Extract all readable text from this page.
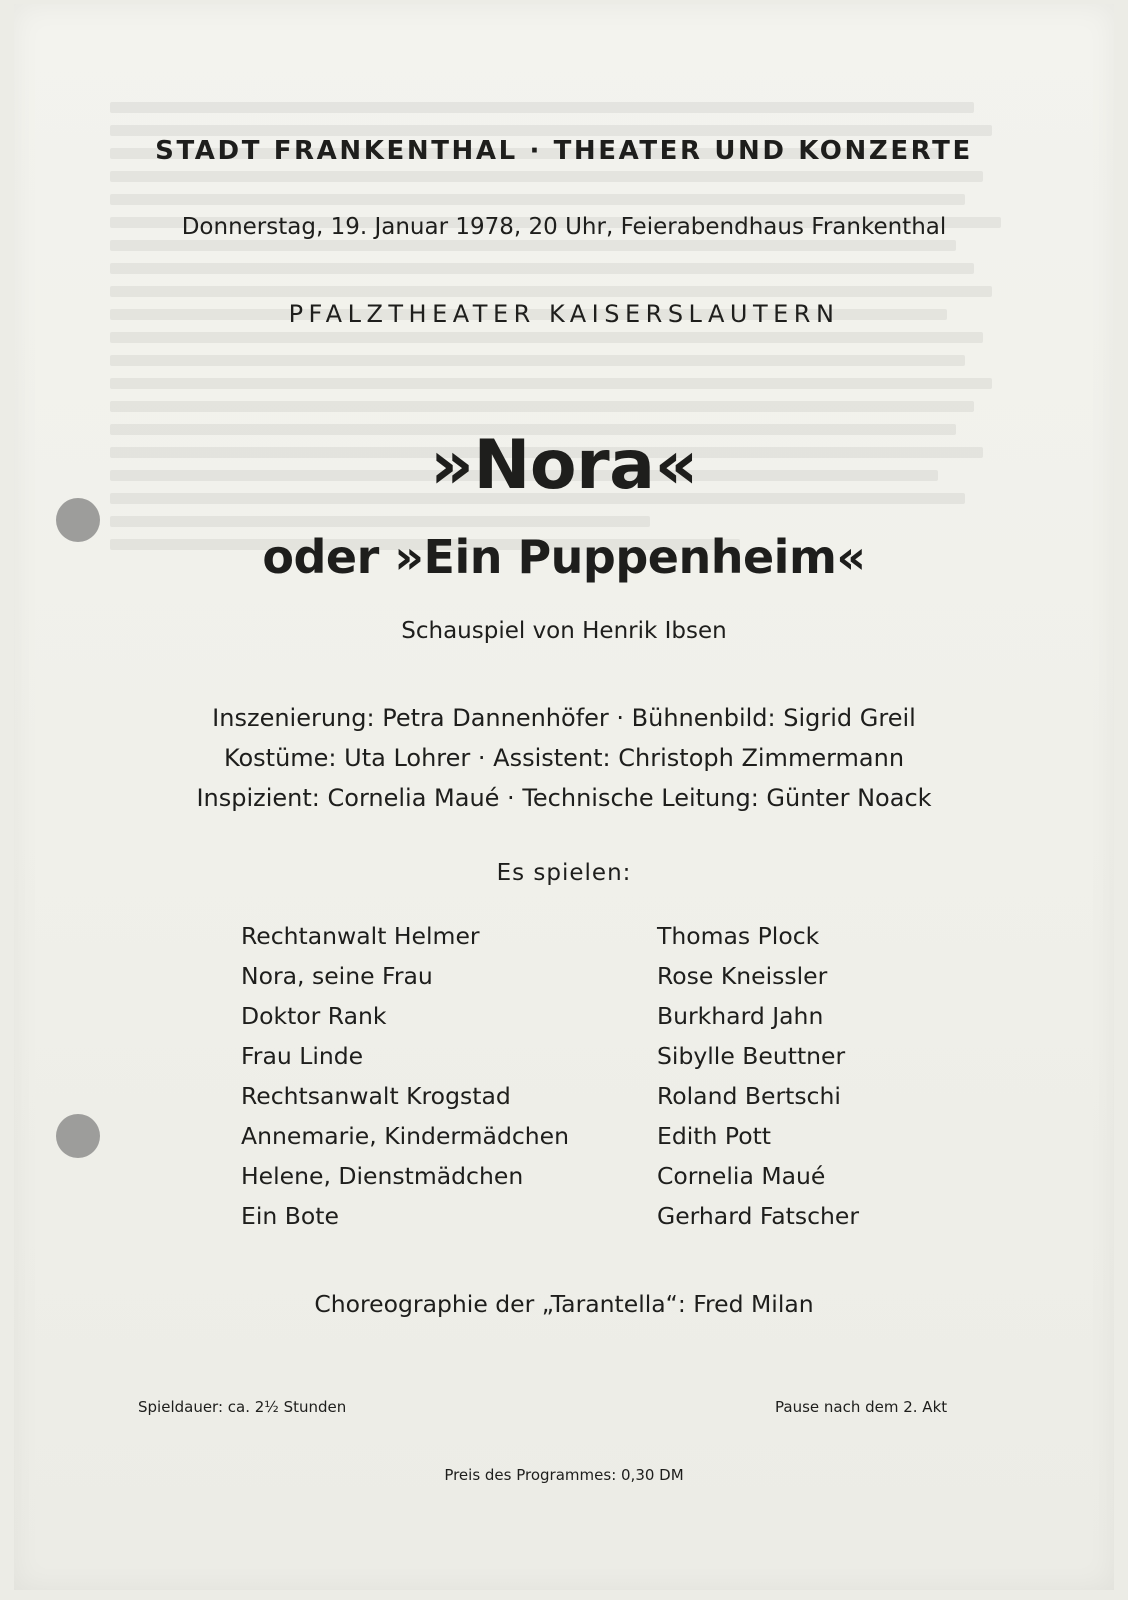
STADT FRANKENTHAL · THEATER UND KONZERTE
Donnerstag, 19. Januar 1978, 20 Uhr, Feierabendhaus Frankenthal
PFALZTHEATER KAISERSLAUTERN
»Nora«
oder »Ein Puppenheim«
Schauspiel von Henrik Ibsen
Inszenierung: Petra Dannenhöfer · Bühnenbild: Sigrid Greil
Kostüme: Uta Lohrer · Assistent: Christoph Zimmermann
Inspizient: Cornelia Maué · Technische Leitung: Günter Noack
Es spielen:
Rechtanwalt Helmer	Thomas Plock
Nora, seine Frau	Rose Kneissler
Doktor Rank	Burkhard Jahn
Frau Linde	Sibylle Beuttner
Rechtsanwalt Krogstad	Roland Bertschi
Annemarie, Kindermädchen	Edith Pott
Helene, Dienstmädchen	Cornelia Maué
Ein Bote	Gerhard Fatscher
Choreographie der „Tarantella“: Fred Milan
Spieldauer: ca. 2½ Stunden	Pause nach dem 2. Akt
Preis des Programmes: 0,30 DM
